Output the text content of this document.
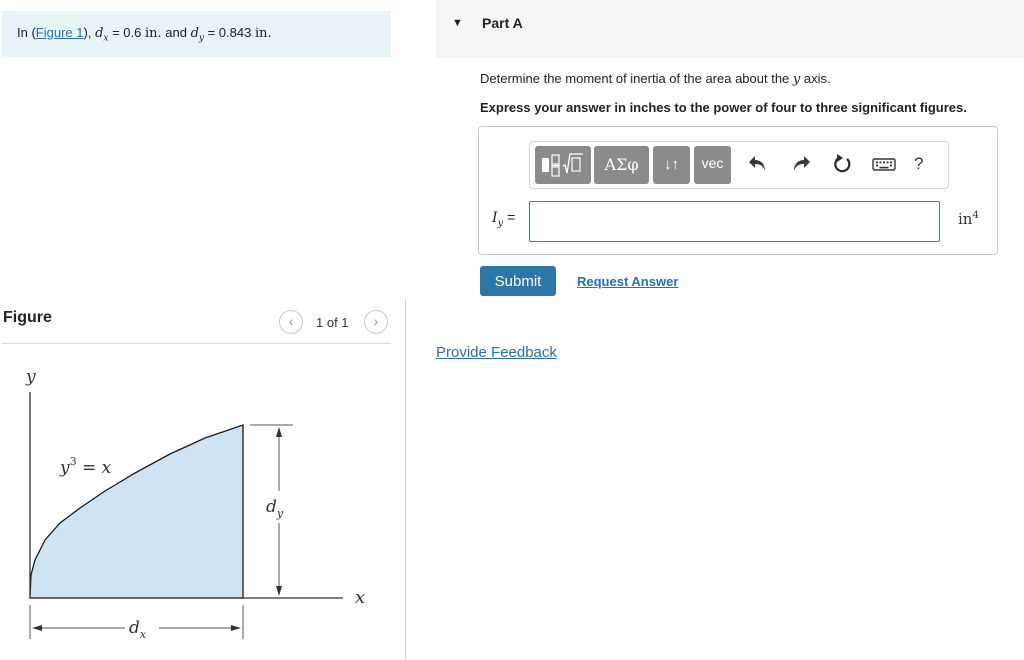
In (Figure 1), $d_x = 0.6$ in. and $d_y = 0.843$ in.
Figure	‹	1 of 1	›
y
x
$y^3 = x$
$d_y$
$d_x$
▼ Part A
Determine the moment of inertia of the area about the y axis.
Express your answer in inches to the power of four to three significant figures.
ΑΣφ	↓↑	vec	?
$I_y$ =	$in^4$
Submit	Request Answer
Provide Feedback
